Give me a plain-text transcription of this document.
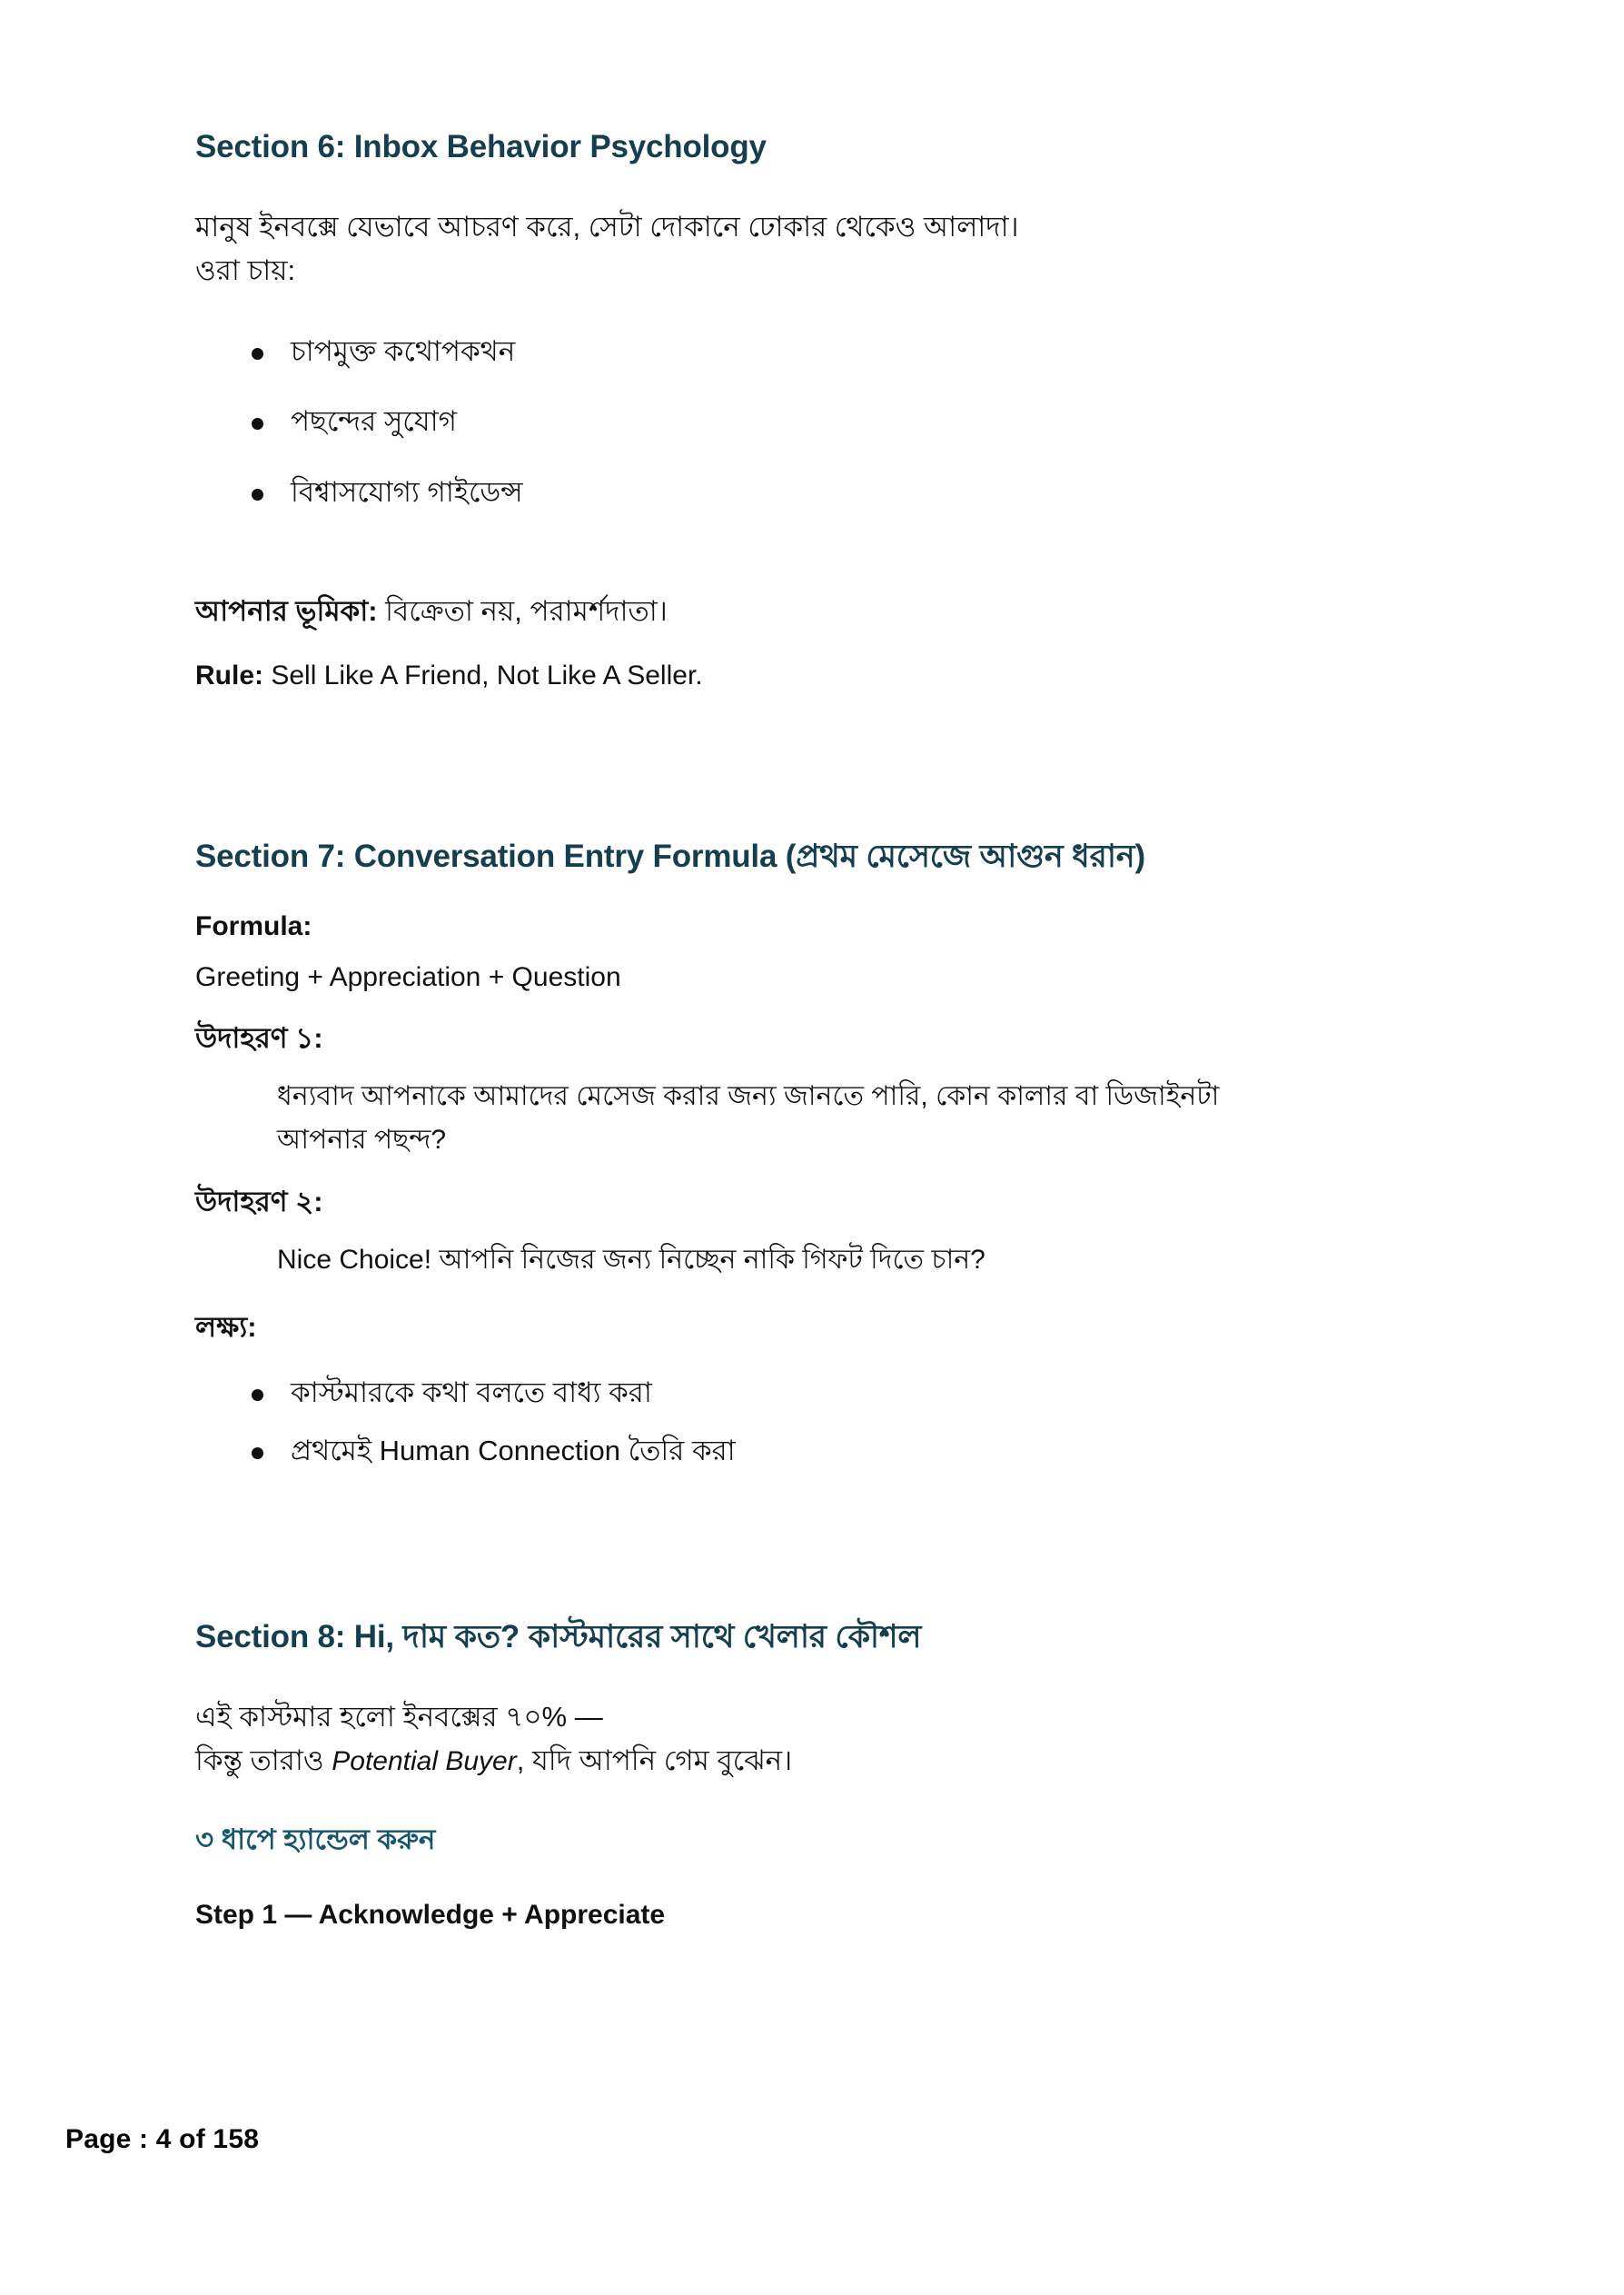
Section 6: Inbox Behavior Psychology

মানুষ ইনবক্সে যেভাবে আচরণ করে, সেটা দোকানে ঢোকার থেকেও আলাদা।

ওরা চায়:

চাপমুক্ত কথোপকথন
পছন্দের সুযোগ
বিশ্বাসযোগ্য গাইডেন্স

আপনার ভূমিকা: বিক্রেতা নয়, পরামর্শদাতা।

Rule: Sell Like A Friend, Not Like A Seller.

Section 7: Conversation Entry Formula (প্রথম মেসেজে আগুন ধরান)

Formula:

Greeting + Appreciation + Question

উদাহরণ ১:

ধন্যবাদ আপনাকে আমাদের মেসেজ করার জন্য জানতে পারি, কোন কালার বা ডিজাইনটা আপনার পছন্দ?

উদাহরণ ২:

Nice Choice! আপনি নিজের জন্য নিচ্ছেন নাকি গিফট দিতে চান?

লক্ষ্য:

কাস্টমারকে কথা বলতে বাধ্য করা
প্রথমেই Human Connection তৈরি করা
Section 8: Hi, দাম কত? কাস্টমারের সাথে খেলার কৌশল

এই কাস্টমার হলো ইনবক্সের ৭০% —

কিন্তু তারাও Potential Buyer, যদি আপনি গেম বুঝেন।

৩ ধাপে হ্যান্ডেল করুন

Step 1 — Acknowledge + Appreciate

Page : 4 of 158
